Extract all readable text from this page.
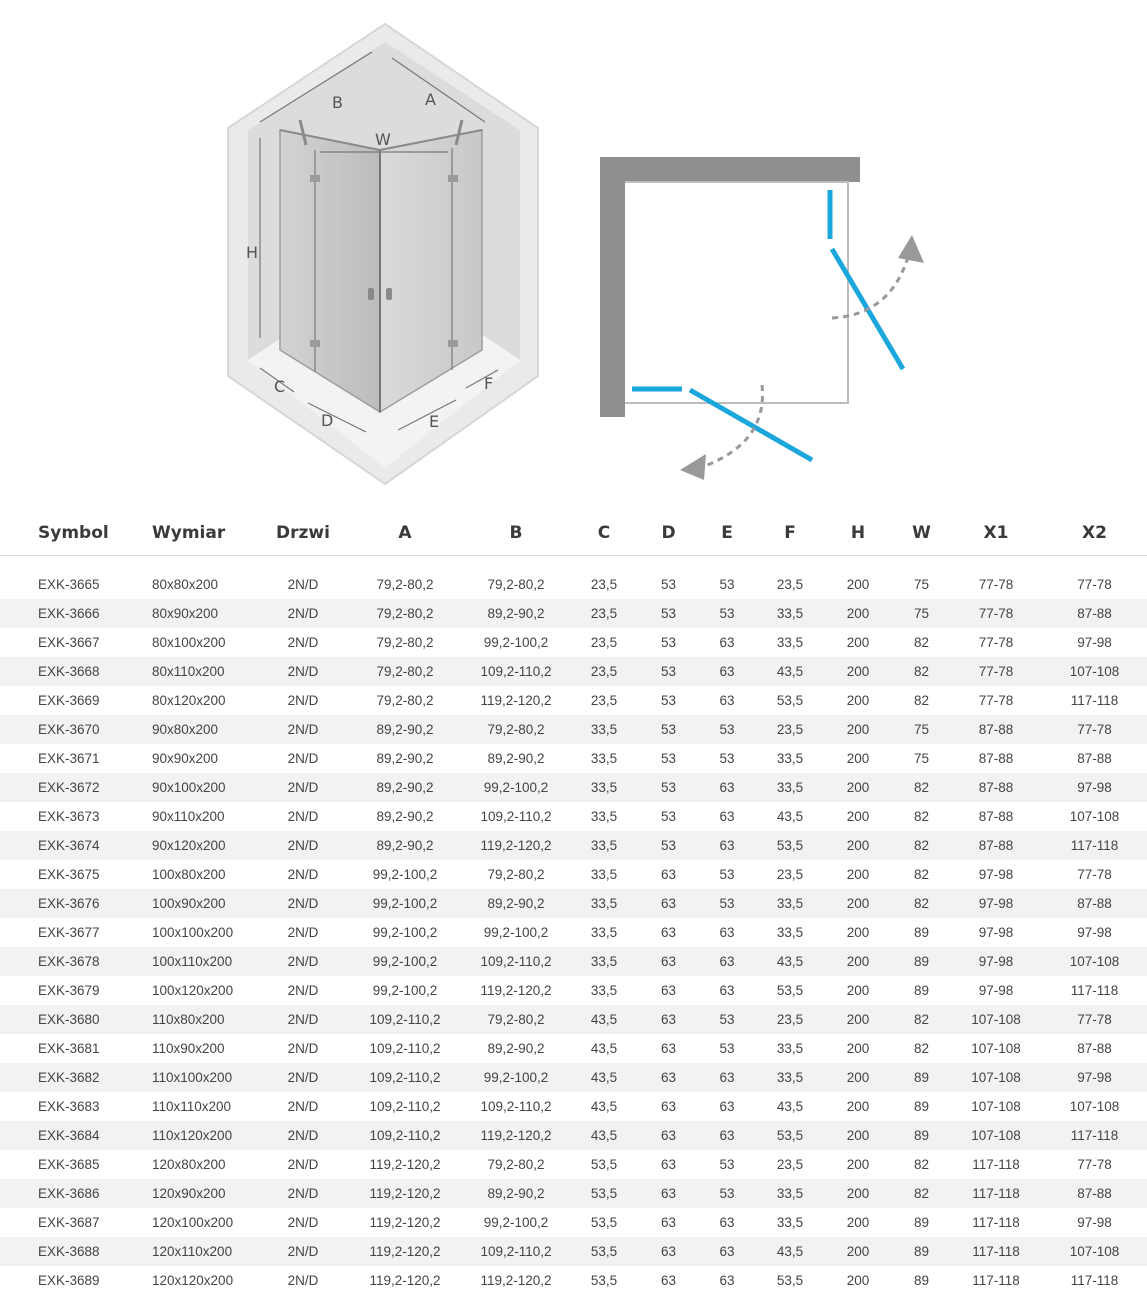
B	A
W
H
C
D	E
F
Symbol	Wymiar	Drzwi	A	B	C	D	E	F	H	W	X1	X2

EXK-3665	80x80x200	2N/D	79,2-80,2	79,2-80,2	23,5	53	53	23,5	200	75	77-78	77-78
EXK-3666	80x90x200	2N/D	79,2-80,2	89,2-90,2	23,5	53	53	33,5	200	75	77-78	87-88
EXK-3667	80x100x200	2N/D	79,2-80,2	99,2-100,2	23,5	53	63	33,5	200	82	77-78	97-98
EXK-3668	80x110x200	2N/D	79,2-80,2	109,2-110,2	23,5	53	63	43,5	200	82	77-78	107-108
EXK-3669	80x120x200	2N/D	79,2-80,2	119,2-120,2	23,5	53	63	53,5	200	82	77-78	117-118
EXK-3670	90x80x200	2N/D	89,2-90,2	79,2-80,2	33,5	53	53	23,5	200	75	87-88	77-78
EXK-3671	90x90x200	2N/D	89,2-90,2	89,2-90,2	33,5	53	53	33,5	200	75	87-88	87-88
EXK-3672	90x100x200	2N/D	89,2-90,2	99,2-100,2	33,5	53	63	33,5	200	82	87-88	97-98
EXK-3673	90x110x200	2N/D	89,2-90,2	109,2-110,2	33,5	53	63	43,5	200	82	87-88	107-108
EXK-3674	90x120x200	2N/D	89,2-90,2	119,2-120,2	33,5	53	63	53,5	200	82	87-88	117-118
EXK-3675	100x80x200	2N/D	99,2-100,2	79,2-80,2	33,5	63	53	23,5	200	82	97-98	77-78
EXK-3676	100x90x200	2N/D	99,2-100,2	89,2-90,2	33,5	63	53	33,5	200	82	97-98	87-88
EXK-3677	100x100x200	2N/D	99,2-100,2	99,2-100,2	33,5	63	63	33,5	200	89	97-98	97-98
EXK-3678	100x110x200	2N/D	99,2-100,2	109,2-110,2	33,5	63	63	43,5	200	89	97-98	107-108
EXK-3679	100x120x200	2N/D	99,2-100,2	119,2-120,2	33,5	63	63	53,5	200	89	97-98	117-118
EXK-3680	110x80x200	2N/D	109,2-110,2	79,2-80,2	43,5	63	53	23,5	200	82	107-108	77-78
EXK-3681	110x90x200	2N/D	109,2-110,2	89,2-90,2	43,5	63	53	33,5	200	82	107-108	87-88
EXK-3682	110x100x200	2N/D	109,2-110,2	99,2-100,2	43,5	63	63	33,5	200	89	107-108	97-98
EXK-3683	110x110x200	2N/D	109,2-110,2	109,2-110,2	43,5	63	63	43,5	200	89	107-108	107-108
EXK-3684	110x120x200	2N/D	109,2-110,2	119,2-120,2	43,5	63	63	53,5	200	89	107-108	117-118
EXK-3685	120x80x200	2N/D	119,2-120,2	79,2-80,2	53,5	63	53	23,5	200	82	117-118	77-78
EXK-3686	120x90x200	2N/D	119,2-120,2	89,2-90,2	53,5	63	53	33,5	200	82	117-118	87-88
EXK-3687	120x100x200	2N/D	119,2-120,2	99,2-100,2	53,5	63	63	33,5	200	89	117-118	97-98
EXK-3688	120x110x200	2N/D	119,2-120,2	109,2-110,2	53,5	63	63	43,5	200	89	117-118	107-108
EXK-3689	120x120x200	2N/D	119,2-120,2	119,2-120,2	53,5	63	63	53,5	200	89	117-118	117-118
